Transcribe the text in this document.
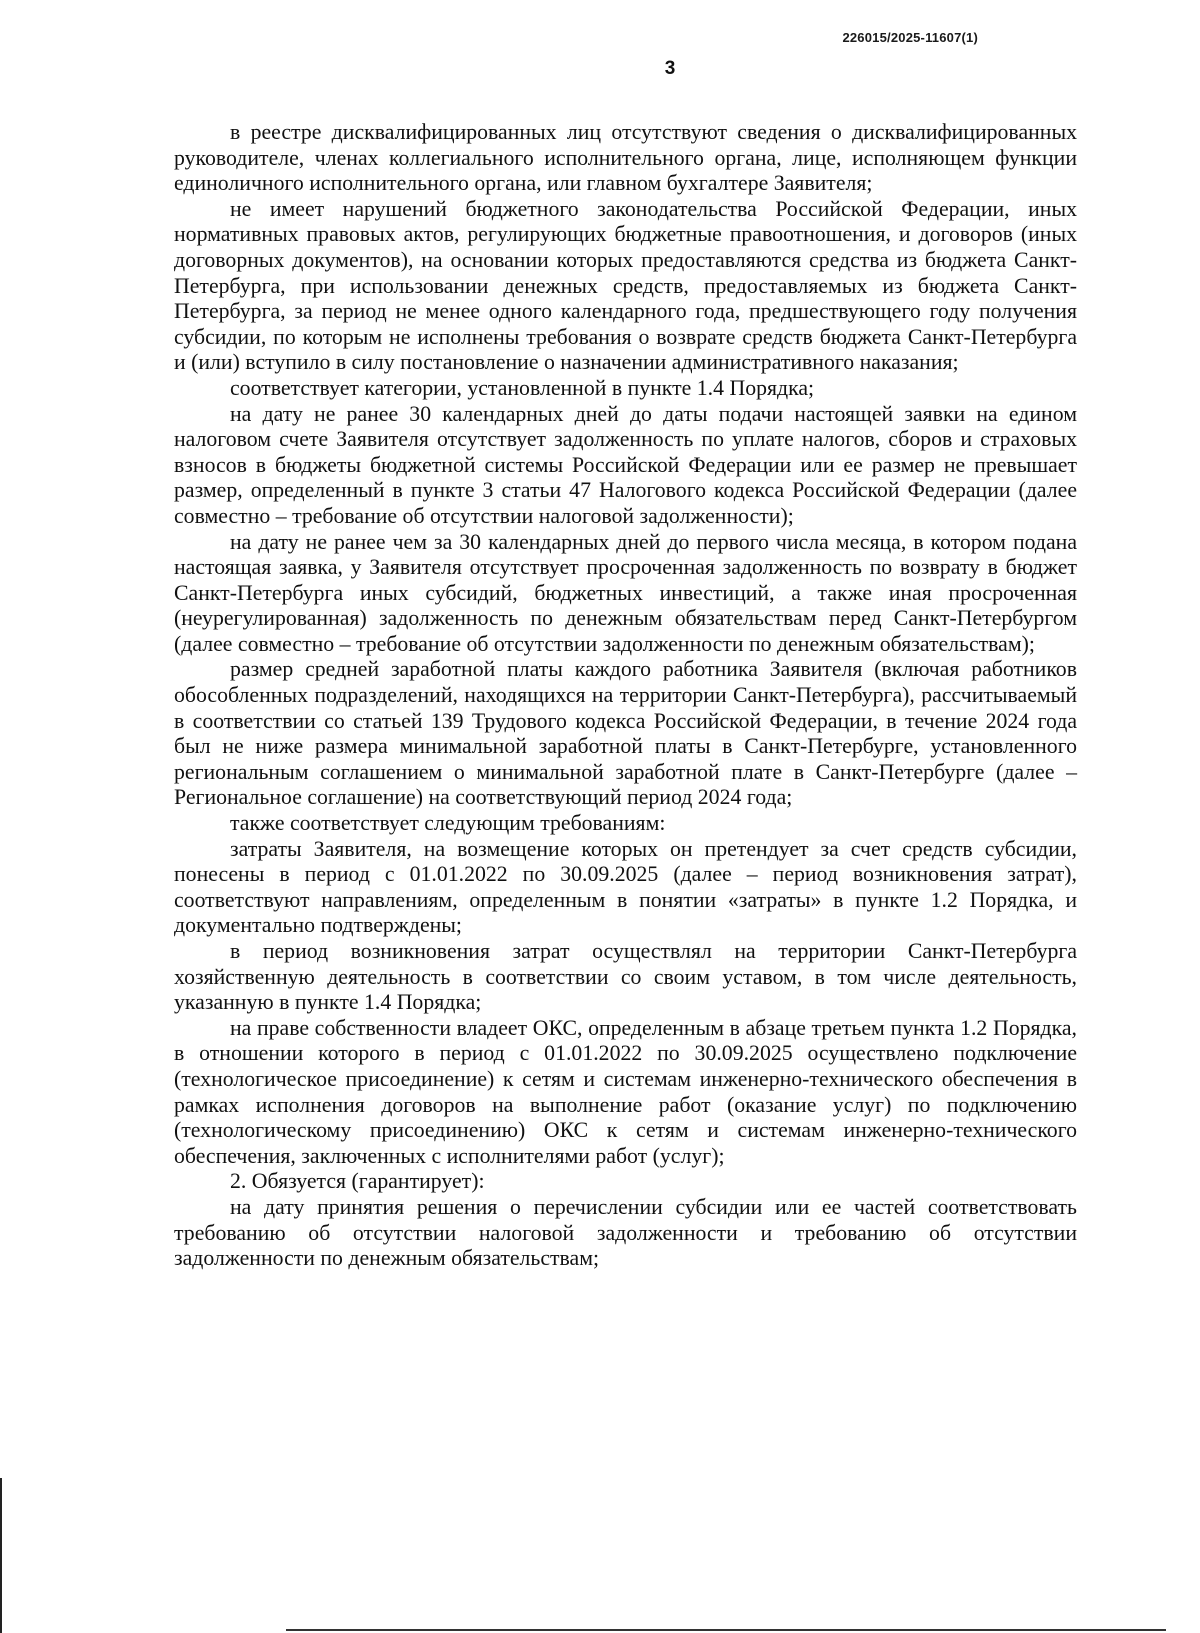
226015/2025-11607(1)
3

в реестре дисквалифицированных лиц отсутствуют сведения о дисквалифицированных руководителе, членах коллегиального исполнительного органа, лице, исполняющем функции единоличного исполнительного органа, или главном бухгалтере Заявителя;

не имеет нарушений бюджетного законодательства Российской Федерации, иных нормативных правовых актов, регулирующих бюджетные правоотношения, и договоров (иных договорных документов), на основании которых предоставляются средства из бюджета Санкт-Петербурга, при использовании денежных средств, предоставляемых из бюджета Санкт-Петербурга, за период не менее одного календарного года, предшествующего году получения субсидии, по которым не исполнены требования о возврате средств бюджета Санкт-Петербурга и (или) вступило в силу постановление о назначении административного наказания;

соответствует категории, установленной в пункте 1.4 Порядка;

на дату не ранее 30 календарных дней до даты подачи настоящей заявки на едином налоговом счете Заявителя отсутствует задолженность по уплате налогов, сборов и страховых взносов в бюджеты бюджетной системы Российской Федерации или ее размер не превышает размер, определенный в пункте 3 статьи 47 Налогового кодекса Российской Федерации (далее совместно – требование об отсутствии налоговой задолженности);

на дату не ранее чем за 30 календарных дней до первого числа месяца, в котором подана настоящая заявка, у Заявителя отсутствует просроченная задолженность по возврату в бюджет Санкт-Петербурга иных субсидий, бюджетных инвестиций, а также иная просроченная (неурегулированная) задолженность по денежным обязательствам перед Санкт-Петербургом (далее совместно – требование об отсутствии задолженности по денежным обязательствам);

размер средней заработной платы каждого работника Заявителя (включая работников обособленных подразделений, находящихся на территории Санкт-Петербурга), рассчитываемый в соответствии со статьей 139 Трудового кодекса Российской Федерации, в течение 2024 года был не ниже размера минимальной заработной платы в Санкт-Петербурге, установленного региональным соглашением о минимальной заработной плате в Санкт-Петербурге (далее – Региональное соглашение) на соответствующий период 2024 года;

также соответствует следующим требованиям:

затраты Заявителя, на возмещение которых он претендует за счет средств субсидии, понесены в период с 01.01.2022 по 30.09.2025 (далее – период возникновения затрат), соответствуют направлениям, определенным в понятии «затраты» в пункте 1.2 Порядка, и документально подтверждены;

в период возникновения затрат осуществлял на территории Санкт-Петербурга хозяйственную деятельность в соответствии со своим уставом, в том числе деятельность, указанную в пункте 1.4 Порядка;

на праве собственности владеет ОКС, определенным в абзаце третьем пункта 1.2 Порядка, в отношении которого в период с 01.01.2022 по 30.09.2025 осуществлено подключение (технологическое присоединение) к сетям и системам инженерно-технического обеспечения в рамках исполнения договоров на выполнение работ (оказание услуг) по подключению (технологическому присоединению) ОКС к сетям и системам инженерно-технического обеспечения, заключенных с исполнителями работ (услуг);

2. Обязуется (гарантирует):

на дату принятия решения о перечислении субсидии или ее частей соответствовать требованию об отсутствии налоговой задолженности и требованию об отсутствии задолженности по денежным обязательствам;
